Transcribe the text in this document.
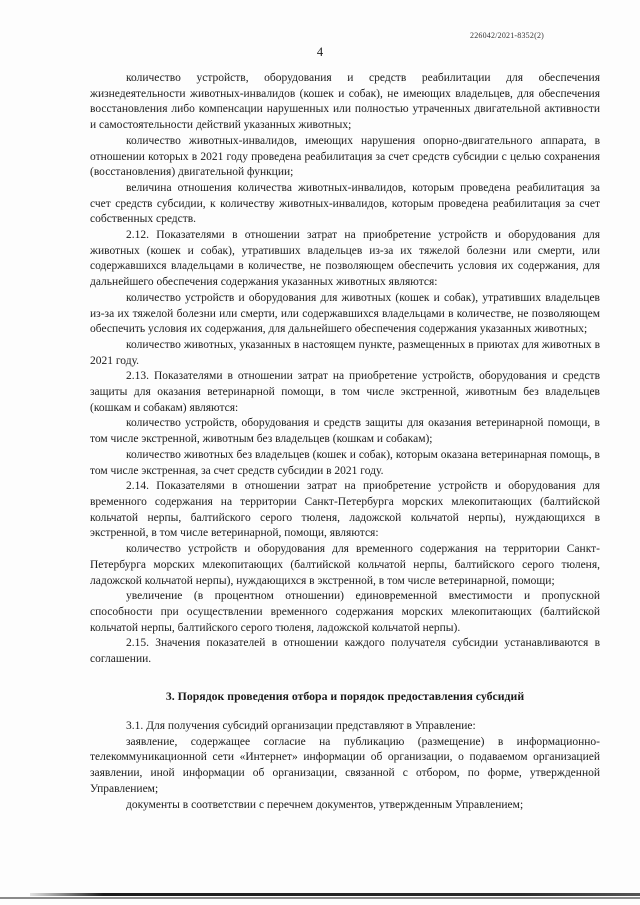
226042/2021-8352(2)
4

количество устройств, оборудования и средств реабилитации для обеспечения жизнедеятельности животных-инвалидов (кошек и собак), не имеющих владельцев, для обеспечения восстановления либо компенсации нарушенных или полностью утраченных двигательной активности и самостоятельности действий указанных животных;

количество животных-инвалидов, имеющих нарушения опорно-двигательного аппарата, в отношении которых в 2021 году проведена реабилитация за счет средств субсидии с целью сохранения (восстановления) двигательной функции;

величина отношения количества животных-инвалидов, которым проведена реабилитация за счет средств субсидии, к количеству животных-инвалидов, которым проведена реабилитация за счет собственных средств.

2.12. Показателями в отношении затрат на приобретение устройств и оборудования для животных (кошек и собак), утративших владельцев из-за их тяжелой болезни или смерти, или содержавшихся владельцами в количестве, не позволяющем обеспечить условия их содержания, для дальнейшего обеспечения содержания указанных животных являются:

количество устройств и оборудования для животных (кошек и собак), утративших владельцев из-за их тяжелой болезни или смерти, или содержавшихся владельцами в количестве, не позволяющем обеспечить условия их содержания, для дальнейшего обеспечения содержания указанных животных;

количество животных, указанных в настоящем пункте, размещенных в приютах для животных в 2021 году.

2.13. Показателями в отношении затрат на приобретение устройств, оборудования и средств защиты для оказания ветеринарной помощи, в том числе экстренной, животным без владельцев (кошкам и собакам) являются:

количество устройств, оборудования и средств защиты для оказания ветеринарной помощи, в том числе экстренной, животным без владельцев (кошкам и собакам);

количество животных без владельцев (кошек и собак), которым оказана ветеринарная помощь, в том числе экстренная, за счет средств субсидии в 2021 году.

2.14. Показателями в отношении затрат на приобретение устройств и оборудования для временного содержания на территории Санкт-Петербурга морских млекопитающих (балтийской кольчатой нерпы, балтийского серого тюленя, ладожской кольчатой нерпы), нуждающихся в экстренной, в том числе ветеринарной, помощи, являются:

количество устройств и оборудования для временного содержания на территории Санкт-Петербурга морских млекопитающих (балтийской кольчатой нерпы, балтийского серого тюленя, ладожской кольчатой нерпы), нуждающихся в экстренной, в том числе ветеринарной, помощи;

увеличение (в процентном отношении) единовременной вместимости и пропускной способности при осуществлении временного содержания морских млекопитающих (балтийской кольчатой нерпы, балтийского серого тюленя, ладожской кольчатой нерпы).

2.15. Значения показателей в отношении каждого получателя субсидии устанавливаются в соглашении.

3. Порядок проведения отбора и порядок предоставления субсидий

3.1. Для получения субсидий организации представляют в Управление:

заявление, содержащее согласие на публикацию (размещение) в информационно-телекоммуникационной сети «Интернет» информации об организации, о подаваемом организацией заявлении, иной информации об организации, связанной с отбором, по форме, утвержденной Управлением;

документы в соответствии с перечнем документов, утвержденным Управлением;
